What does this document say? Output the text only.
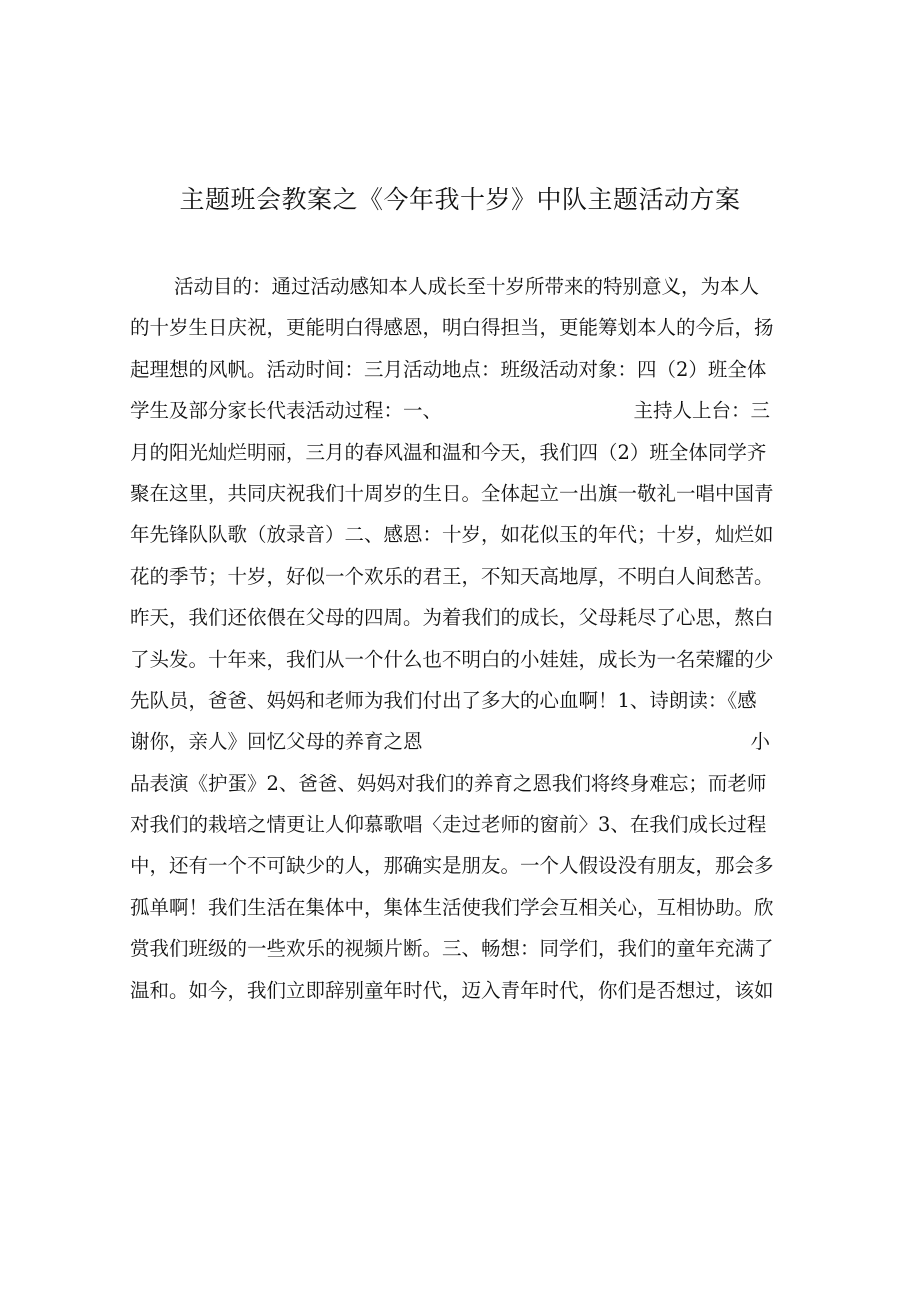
主题班会教案之《今年我十岁》中队主题活动方案
活动目的：通过活动感知本人成长至十岁所带来的特别意义，为本人
的十岁生日庆祝，更能明白得感恩，明白得担当，更能筹划本人的今后，扬
起理想的风帆。活动时间：三月活动地点：班级活动对象：四（2）班全体
学生及部分家长代表活动过程：一、	主持人上台：三
月的阳光灿烂明丽，三月的春风温和温和今天，我们四（2）班全体同学齐
聚在这里，共同庆祝我们十周岁的生日。全体起立一出旗一敬礼一唱中国青
年先锋队队歌（放录音）二、感恩：十岁，如花似玉的年代；十岁，灿烂如
花的季节；十岁，好似一个欢乐的君王，不知天高地厚，不明白人间愁苦。
昨天，我们还依偎在父母的四周。为着我们的成长，父母耗尽了心思，熬白
了头发。十年来，我们从一个什么也不明白的小娃娃，成长为一名荣耀的少
先队员，爸爸、妈妈和老师为我们付出了多大的心血啊！1、诗朗读：《感
谢你，亲人》回忆父母的养育之恩	小
品表演《护蛋》2、爸爸、妈妈对我们的养育之恩我们将终身难忘；而老师
对我们的栽培之情更让人仰慕歌唱〈走过老师的窗前〉3、在我们成长过程
中，还有一个不可缺少的人，那确实是朋友。一个人假设没有朋友，那会多
孤单啊！我们生活在集体中，集体生活使我们学会互相关心，互相协助。欣
赏我们班级的一些欢乐的视频片断。三、畅想：同学们，我们的童年充满了
温和。如今，我们立即辞别童年时代，迈入青年时代，你们是否想过，该如
